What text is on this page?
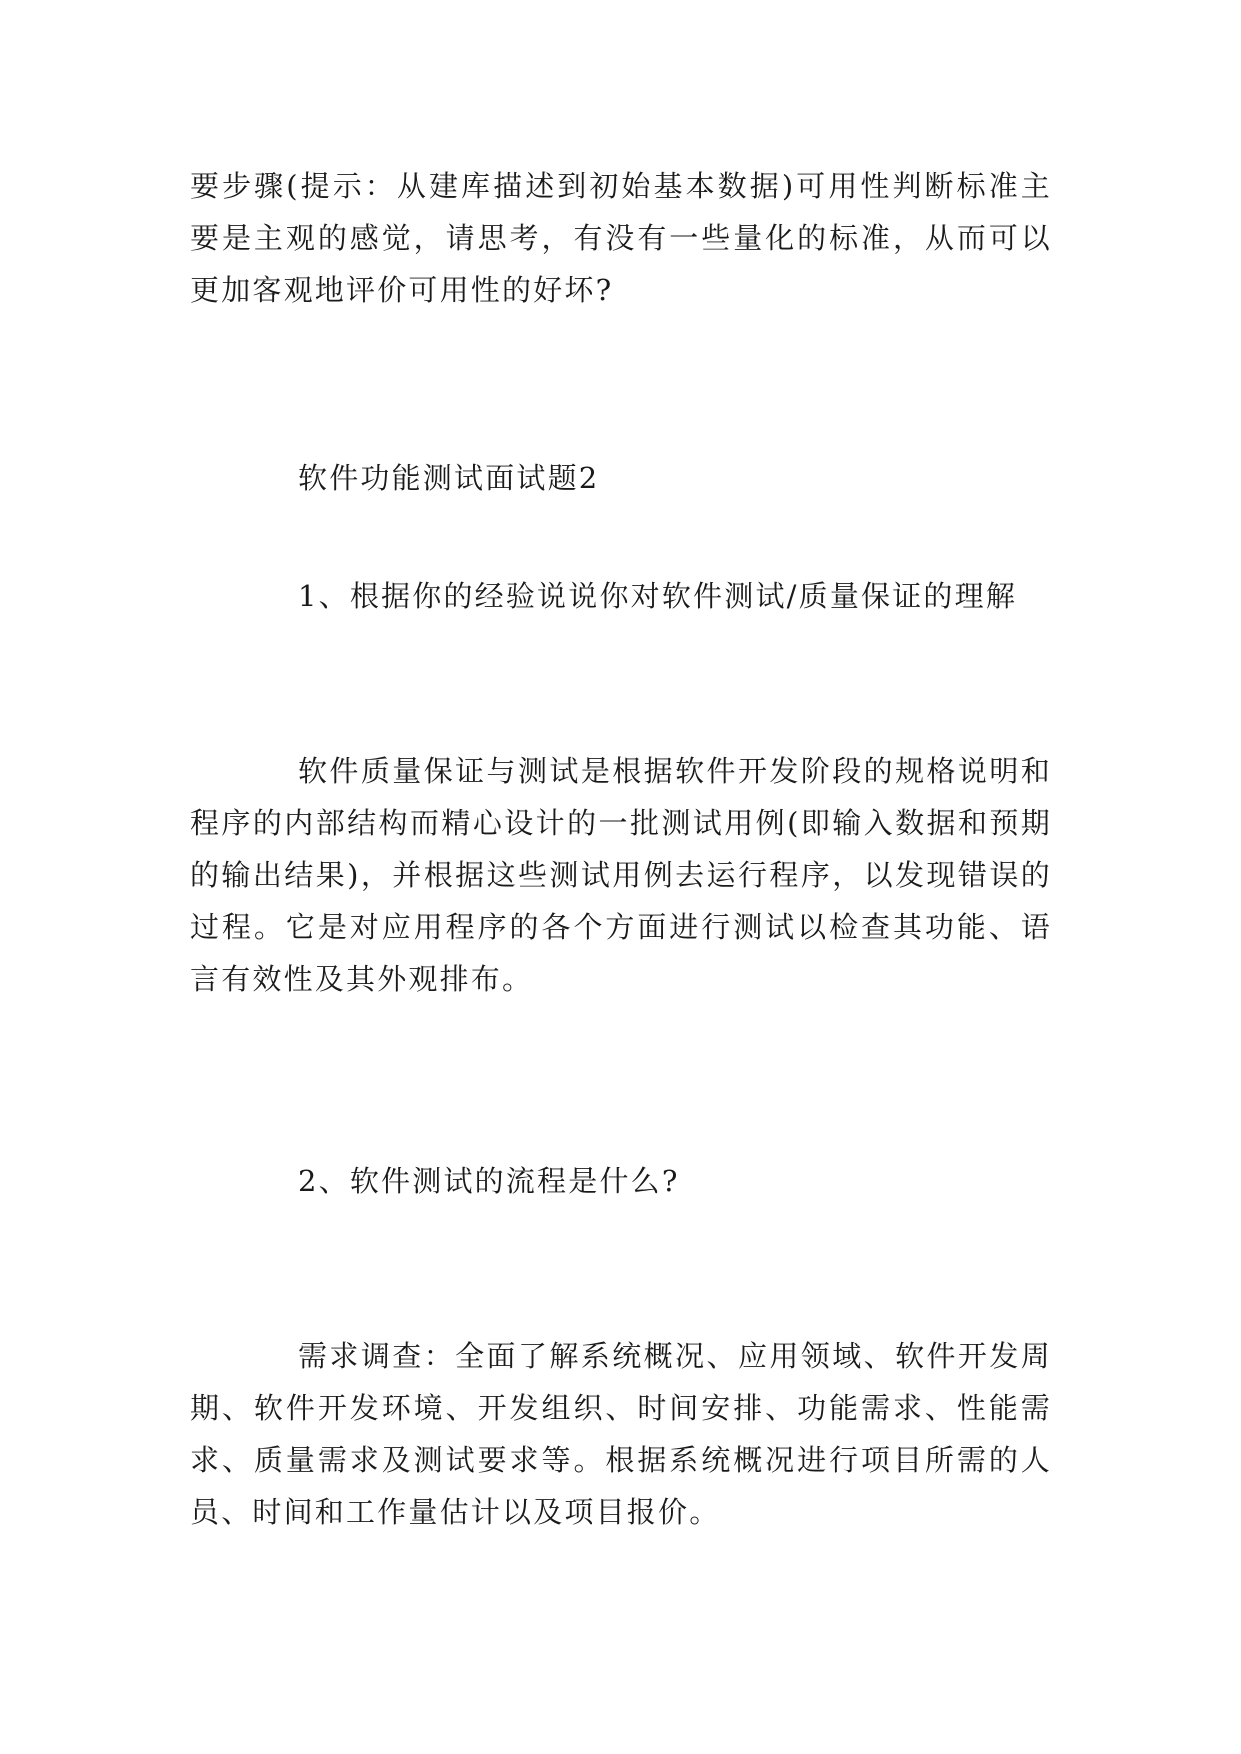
要步骤(提示：从建库描述到初始基本数据)可用性判断标准主要是主观的感觉，请思考，有没有一些量化的标准，从而可以更加客观地评价可用性的好坏?

软件功能测试面试题2

1、根据你的经验说说你对软件测试/质量保证的理解

软件质量保证与测试是根据软件开发阶段的规格说明和程序的内部结构而精心设计的一批测试用例(即输入数据和预期的输出结果)，并根据这些测试用例去运行程序，以发现错误的过程。它是对应用程序的各个方面进行测试以检查其功能、语言有效性及其外观排布。

2、软件测试的流程是什么?

需求调查：全面了解系统概况、应用领域、软件开发周期、软件开发环境、开发组织、时间安排、功能需求、性能需求、质量需求及测试要求等。根据系统概况进行项目所需的人员、时间和工作量估计以及项目报价。
